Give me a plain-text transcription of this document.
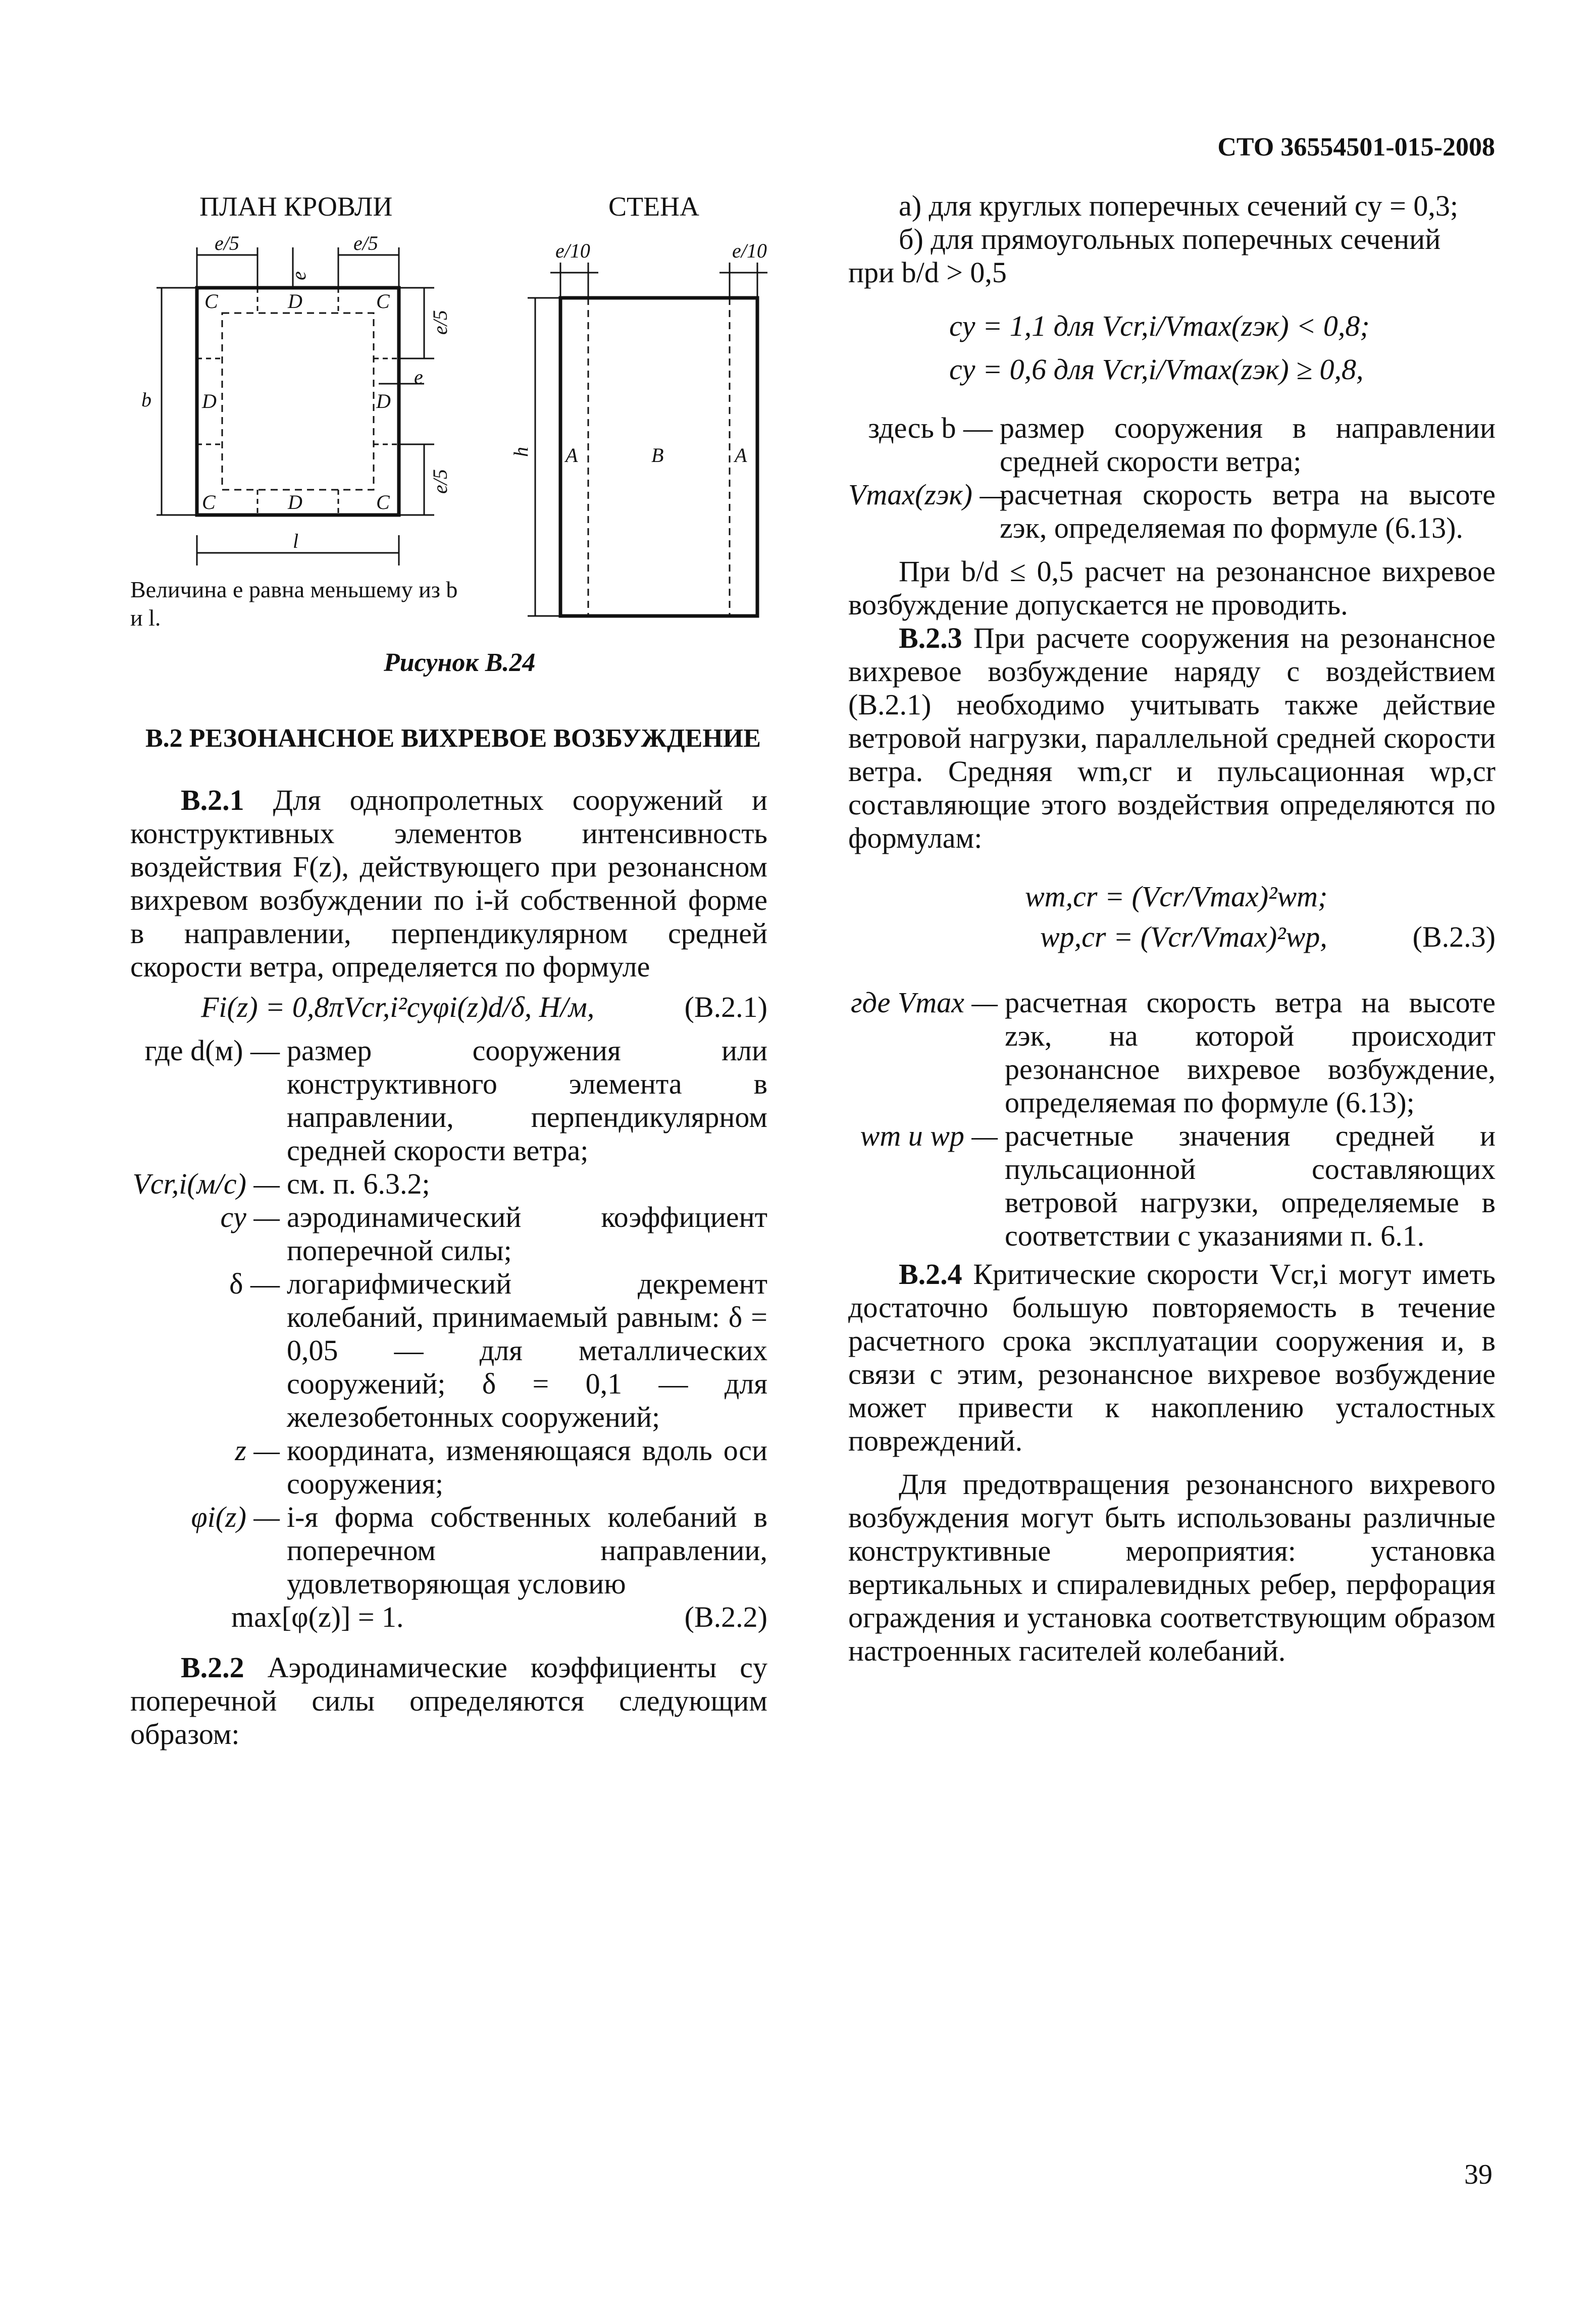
СТО 36554501-015-2008
ПЛАН КРОВЛИ	СТЕНА
e/5	e/5
e
b
l
e
e/5
e/5
C	D	C
D	D
C	D	C
e/10	e/10
h A	B	A
Величина e равна меньшему из b и l.
Рисунок В.24

В.2 РЕЗОНАНСНОЕ ВИХРЕВОЕ ВОЗБУЖДЕНИЕ

В.2.1 Для однопролетных сооружений и конструктивных элементов интенсивность воздействия F(z), действующего при резонансном вихревом возбуждении по i-й собственной форме в направлении, перпендикулярном средней скорости ветра, определяется по формуле

Fi(z) = 0,8πVcr,i²cyφi(z)d/δ, Н/м,	(В.2.1)
где d(м) — размер сооружения или конструктивного элемента в направлении, перпендикулярном средней скорости ветра;
Vcr,i(м/с) — см. п. 6.3.2;
cy — аэродинамический коэффициент поперечной силы;
δ — логарифмический декремент колебаний, принимаемый равным: δ = 0,05 — для металлических сооружений; δ = 0,1 — для железобетонных сооружений;
z — координата, изменяющаяся вдоль оси сооружения;
φi(z) — i-я форма собственных колебаний в поперечном направлении, удовлетворяющая условию
max[φ(z)] = 1.	(В.2.2)

В.2.2 Аэродинамические коэффициенты cy поперечной силы определяются следующим образом:

а) для круглых поперечных сечений cy = 0,3;

б) для прямоугольных поперечных сечений

при b/d > 0,5

cy = 1,1 для Vcr,i/Vmax(zэк) < 0,8;

cy = 0,6 для Vcr,i/Vmax(zэк) ≥ 0,8,

здесь b — размер сооружения в направлении средней скорости ветра;
Vmax(zэк) —
расчетная скорость ветра на высоте zэк, определяемая по формуле (6.13).

При b/d ≤ 0,5 расчет на резонансное вихревое возбуждение допускается не проводить.

В.2.3 При расчете сооружения на резонансное вихревое возбуждение наряду с воздействием (В.2.1) необходимо учитывать также действие ветровой нагрузки, параллельной средней скорости ветра. Средняя wm,cr и пульсационная wp,cr составляющие этого воздействия определяются по формулам:

wm,cr = (Vcr/Vmax)²wm;

wp,cr = (Vcr/Vmax)²wp,	(В.2.3)
где Vmax — расчетная скорость ветра на высоте zэк, на которой происходит резонансное вихревое возбуждение, определяемая по формуле (6.13);
wm и wp — расчетные значения средней и пульсационной составляющих ветровой нагрузки, определяемые в соответствии с указаниями п. 6.1.

В.2.4 Критические скорости Vcr,i могут иметь достаточно большую повторяемость в течение расчетного срока эксплуатации сооружения и, в связи с этим, резонансное вихревое возбуждение может привести к накоплению усталостных повреждений.

Для предотвращения резонансного вихревого возбуждения могут быть использованы различные конструктивные мероприятия: установка вертикальных и спиралевидных ребер, перфорация ограждения и установка соответствующим образом настроенных гасителей колебаний.

39
